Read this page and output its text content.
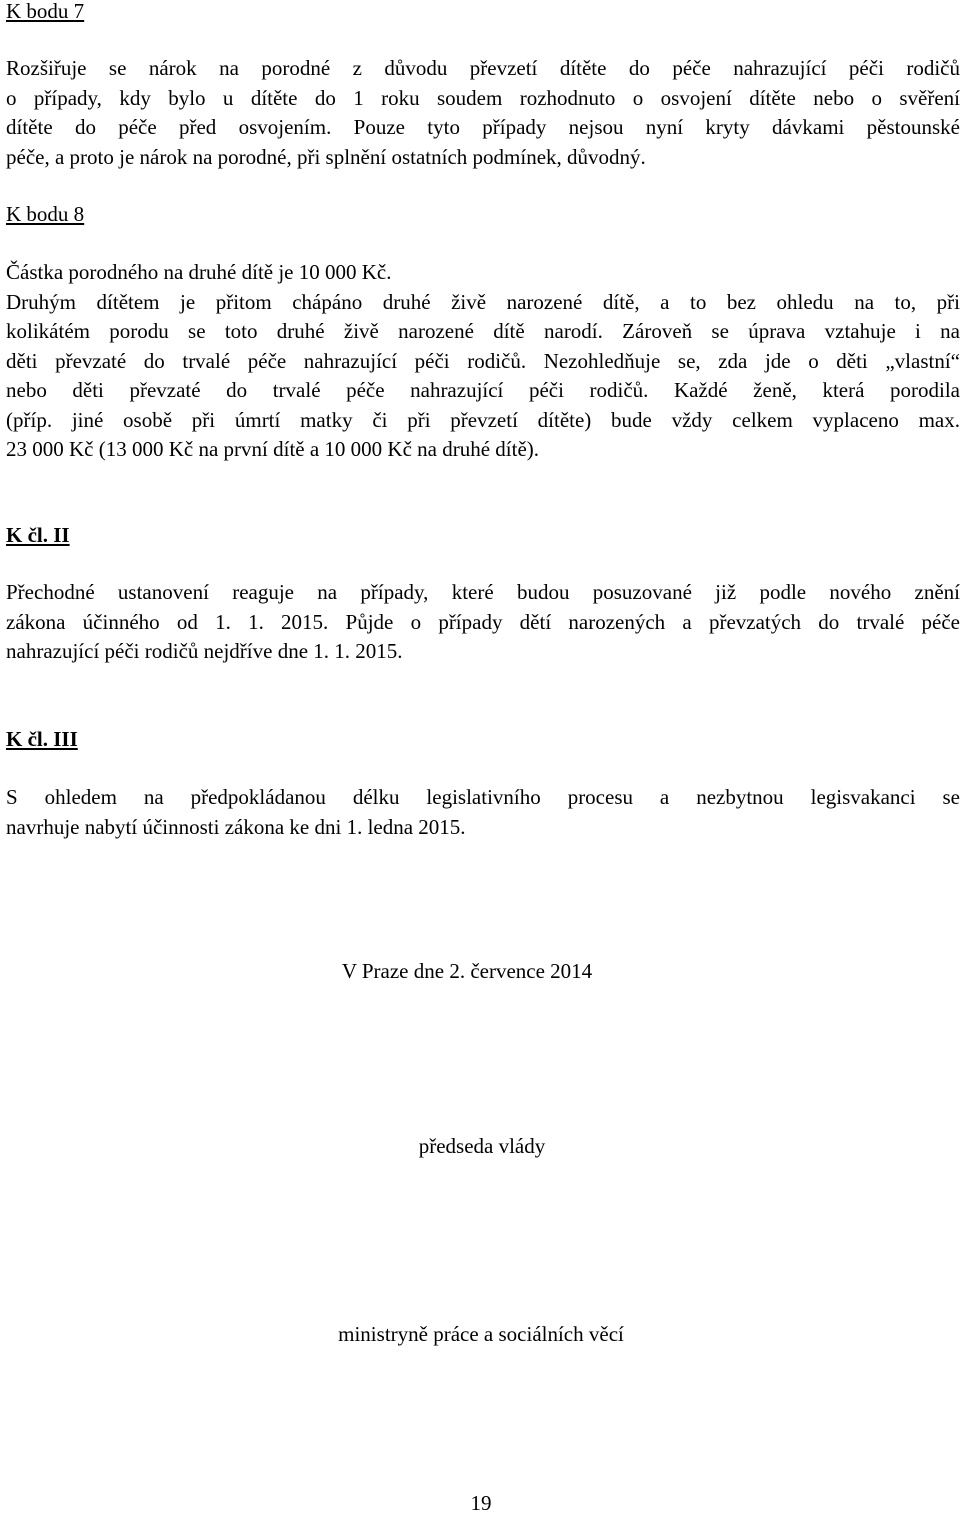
K bodu 7
Rozšiřuje se nárok na porodné z důvodu převzetí dítěte do péče nahrazující péči rodičů
o případy, kdy bylo u dítěte do 1 roku soudem rozhodnuto o osvojení dítěte nebo o svěření
dítěte do péče před osvojením. Pouze tyto případy nejsou nyní kryty dávkami pěstounské
péče, a proto je nárok na porodné, při splnění ostatních podmínek, důvodný.
K bodu 8
Částka porodného na druhé dítě je 10 000 Kč.
Druhým dítětem je přitom chápáno druhé živě narozené dítě, a to bez ohledu na to, při
kolikátém porodu se toto druhé živě narozené dítě narodí. Zároveň se úprava vztahuje i na
děti převzaté do trvalé péče nahrazující péči rodičů. Nezohledňuje se, zda jde o děti „vlastní“
nebo děti převzaté do trvalé péče nahrazující péči rodičů. Každé ženě, která porodila
(příp. jiné osobě při úmrtí matky či při převzetí dítěte) bude vždy celkem vyplaceno max.
23 000 Kč (13 000 Kč na první dítě a 10 000 Kč na druhé dítě).
K čl. II
Přechodné ustanovení reaguje na případy, které budou posuzované již podle nového znění
zákona účinného od 1. 1. 2015. Půjde o případy dětí narozených a převzatých do trvalé péče
nahrazující péči rodičů nejdříve dne 1. 1. 2015.
K čl. III
S ohledem na předpokládanou délku legislativního procesu a nezbytnou legisvakanci se
navrhuje nabytí účinnosti zákona ke dni 1. ledna 2015.

V Praze dne 2. července 2014

předseda vlády

ministryně práce a sociálních věcí

19
